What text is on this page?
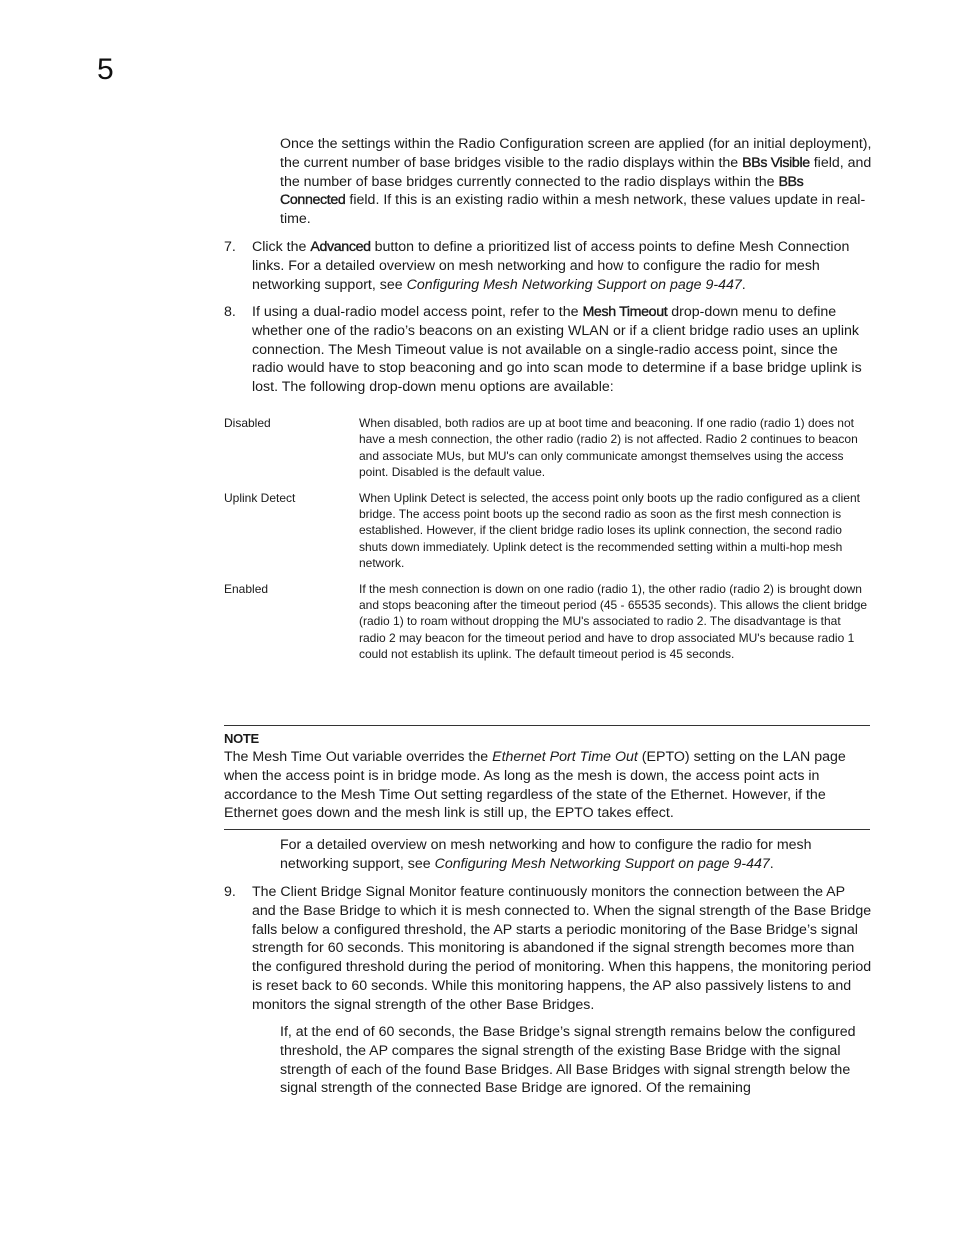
5

Once the settings within the Radio Configuration screen are applied (for an initial deployment), the current number of base bridges visible to the radio displays within the BBs Visible field, and the number of base bridges currently connected to the radio displays within the BBs Connected field. If this is an existing radio within a mesh network, these values update in real-time.

7. Click the Advanced button to define a prioritized list of access points to define Mesh Connection links. For a detailed overview on mesh networking and how to configure the radio for mesh networking support, see Configuring Mesh Networking Support on page 9-447.
8. If using a dual-radio model access point, refer to the Mesh Timeout drop-down menu to define whether one of the radio’s beacons on an existing WLAN or if a client bridge radio uses an uplink connection. The Mesh Timeout value is not available on a single-radio access point, since the radio would have to stop beaconing and go into scan mode to determine if a base bridge uplink is lost. The following drop-down menu options are available:
Disabled	When disabled, both radios are up at boot time and beaconing. If one radio (radio 1) does not have a mesh connection, the other radio (radio 2) is not affected. Radio 2 continues to beacon and associate MUs, but MU's can only communicate amongst themselves using the access point. Disabled is the default value.
Uplink Detect	When Uplink Detect is selected, the access point only boots up the radio configured as a client bridge. The access point boots up the second radio as soon as the first mesh connection is established. However, if the client bridge radio loses its uplink connection, the second radio shuts down immediately. Uplink detect is the recommended setting within a multi-hop mesh network.
Enabled	If the mesh connection is down on one radio (radio 1), the other radio (radio 2) is brought down and stops beaconing after the timeout period (45 - 65535 seconds). This allows the client bridge (radio 1) to roam without dropping the MU's associated to radio 2. The disadvantage is that radio 2 may beacon for the timeout period and have to drop associated MU's because radio 1 could not establish its uplink. The default timeout period is 45 seconds.
NOTE
The Mesh Time Out variable overrides the Ethernet Port Time Out (EPTO) setting on the LAN page when the access point is in bridge mode. As long as the mesh is down, the access point acts in accordance to the Mesh Time Out setting regardless of the state of the Ethernet. However, if the Ethernet goes down and the mesh link is still up, the EPTO takes effect.

For a detailed overview on mesh networking and how to configure the radio for mesh networking support, see Configuring Mesh Networking Support on page 9-447.

9. The Client Bridge Signal Monitor feature continuously monitors the connection between the AP and the Base Bridge to which it is mesh connected to. When the signal strength of the Base Bridge falls below a configured threshold, the AP starts a periodic monitoring of the Base Bridge’s signal strength for 60 seconds. This monitoring is abandoned if the signal strength becomes more than the configured threshold during the period of monitoring. When this happens, the monitoring period is reset back to 60 seconds. While this monitoring happens, the AP also passively listens to and monitors the signal strength of the other Base Bridges.

If, at the end of 60 seconds, the Base Bridge’s signal strength remains below the configured threshold, the AP compares the signal strength of the existing Base Bridge with the signal strength of each of the found Base Bridges. All Base Bridges with signal strength below the signal strength of the connected Base Bridge are ignored. Of the remaining
